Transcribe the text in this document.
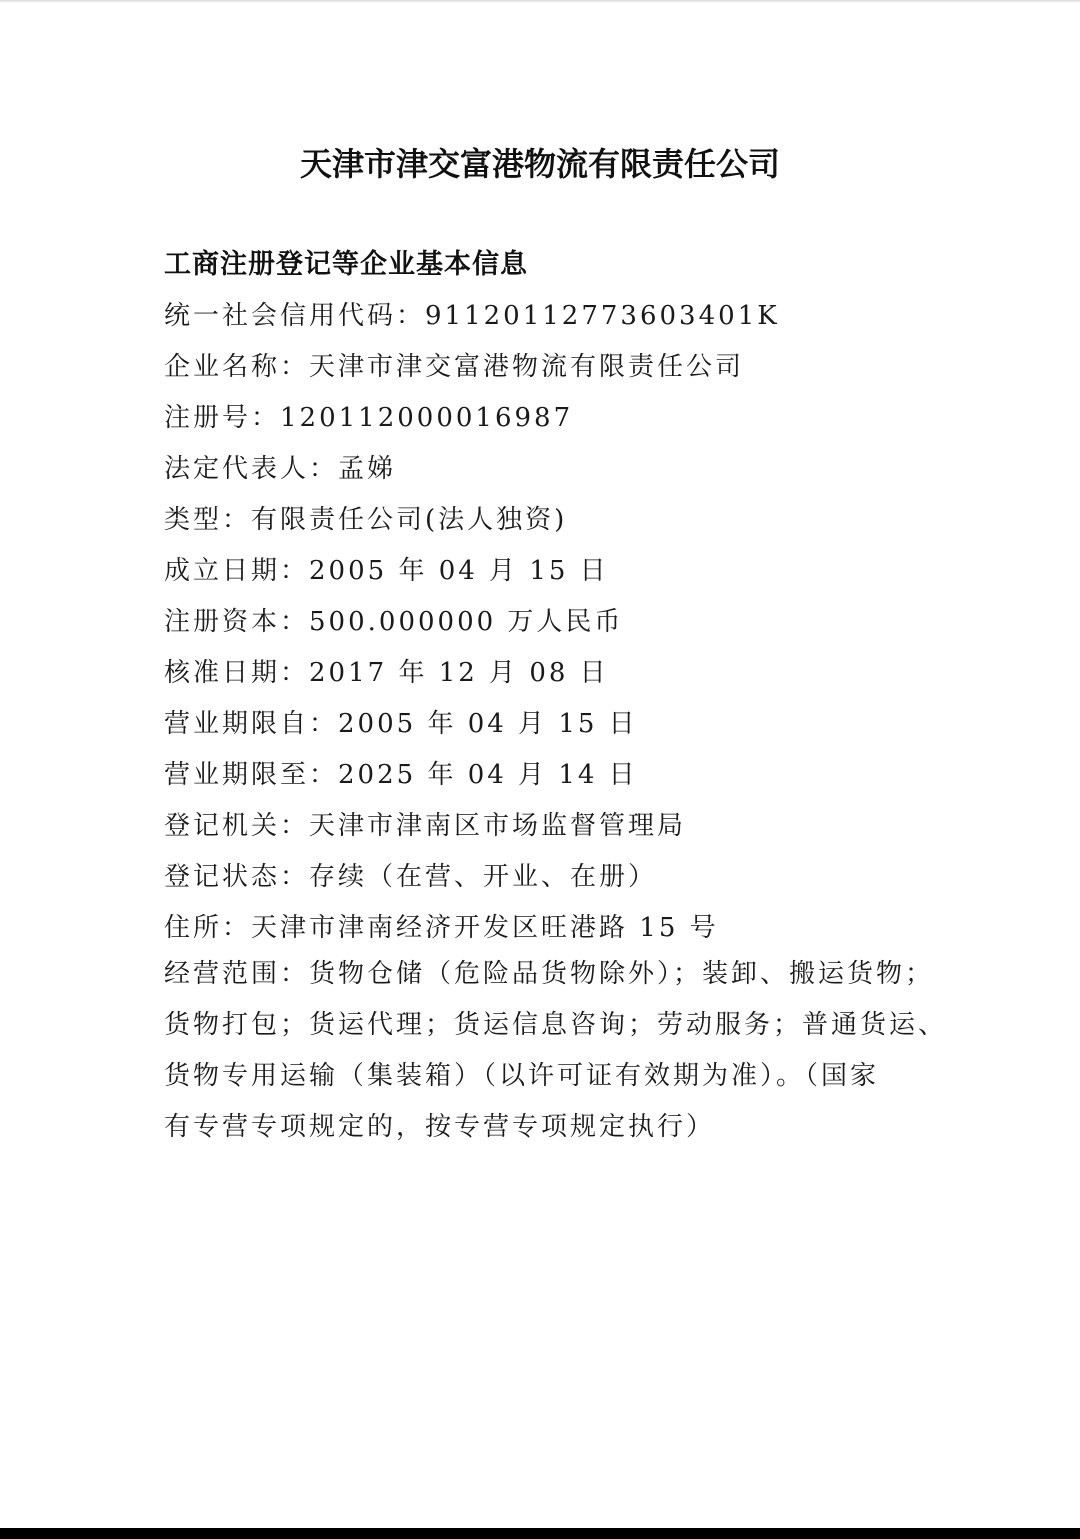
天津市津交富港物流有限责任公司
工商注册登记等企业基本信息
统一社会信用代码：91120112773603401K
企业名称：天津市津交富港物流有限责任公司
注册号：120112000016987
法定代表人：孟娣
类型：有限责任公司(法人独资)
成立日期：2005 年 04 月 15 日
注册资本：500.000000 万人民币
核准日期：2017 年 12 月 08 日
营业期限自：2005 年 04 月 15 日
营业期限至：2025 年 04 月 14 日
登记机关：天津市津南区市场监督管理局
登记状态：存续（在营、开业、在册）
住所：天津市津南经济开发区旺港路 15 号

经营范围：货物仓储（危险品货物除外）；装卸、搬运货物；
货物打包；货运代理；货运信息咨询；劳动服务；普通货运、
货物专用运输（集装箱）（以许可证有效期为准）。（国家
有专营专项规定的，按专营专项规定执行）
